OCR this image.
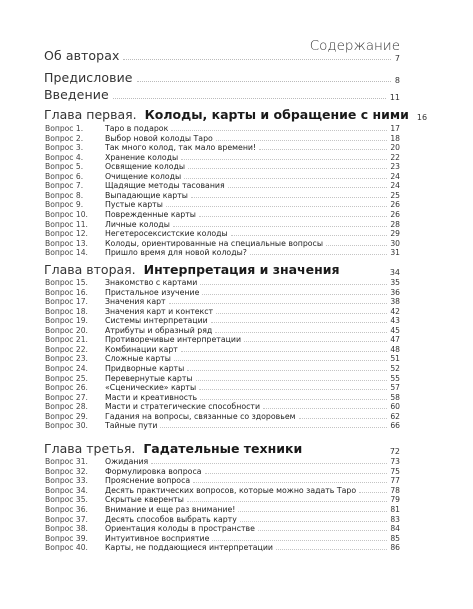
Содержание
Об авторах	7
Предисловие	8
Введение	11
Глава первая. Колоды, карты и обращение с ними 16
Вопрос 1.	Таро в подарок	17
Вопрос 2.	Выбор новой колоды Таро	18
Вопрос 3.	Так много колод, так мало времени!	20
Вопрос 4.	Хранение колоды	22
Вопрос 5.	Освящение колоды	23
Вопрос 6.	Очищение колоды	24
Вопрос 7.	Щадящие методы тасования	24
Вопрос 8.	Выпадающие карты	25
Вопрос 9.	Пустые карты	26
Вопрос 10.	Поврежденные карты	26
Вопрос 11.	Личные колоды	28
Вопрос 12.	Негетеросексистские колоды	29
Вопрос 13.	Колоды, ориентированные на специальные вопросы	30
Вопрос 14.	Пришло время для новой колоды?	31
Глава вторая. Интерпретация и значения	34
Вопрос 15.	Знакомство с картами	35
Вопрос 16.	Пристальное изучение	36
Вопрос 17.	Значения карт	38
Вопрос 18.	Значения карт и контекст	42
Вопрос 19.	Системы интерпретации	43
Вопрос 20.	Атрибуты и образный ряд	45
Вопрос 21.	Противоречивые интерпретации	47
Вопрос 22.	Комбинации карт	48
Вопрос 23.	Сложные карты	51
Вопрос 24.	Придворные карты	52
Вопрос 25.	Перевернутые карты	55
Вопрос 26.	«Сценические» карты	57
Вопрос 27.	Масти и креативность	58
Вопрос 28.	Масти и стратегические способности	60
Вопрос 29.	Гадания на вопросы, связанные со здоровьем	62
Вопрос 30.	Тайные пути	66
Глава третья. Гадательные техники	72
Вопрос 31.	Ожидания	73
Вопрос 32.	Формулировка вопроса	75
Вопрос 33.	Прояснение вопроса	77
Вопрос 34.	Десять практических вопросов, которые можно задать Таро	78
Вопрос 35.	Скрытые кверенты	79
Вопрос 36.	Внимание и еще раз внимание!	81
Вопрос 37.	Десять способов выбрать карту	83
Вопрос 38.	Ориентация колоды в пространстве	84
Вопрос 39.	Интуитивное восприятие	85
Вопрос 40.	Карты, не поддающиеся интерпретации	86
